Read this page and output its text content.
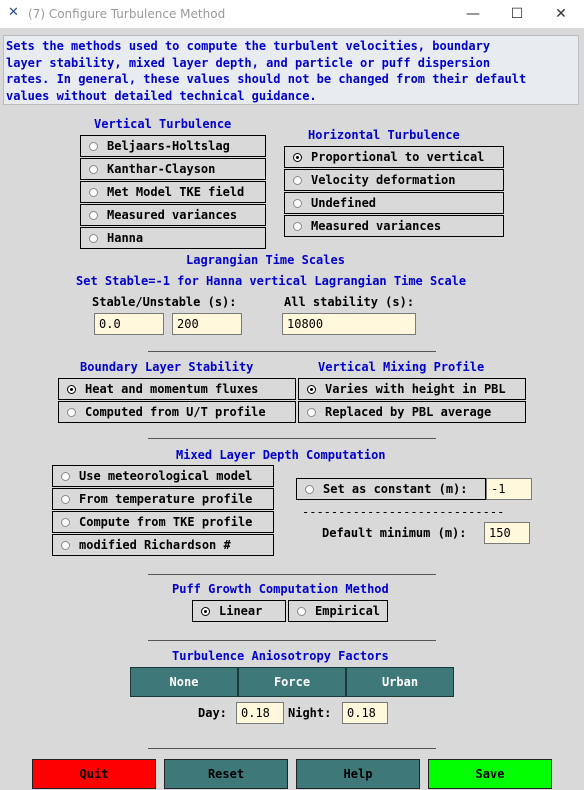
✕ (7) Configure Turbulence Method	—	☐	✕
Sets the methods used to compute the turbulent velocities, boundary
layer stability, mixed layer depth, and particle or puff dispersion
rates. In general, these values should not be changed from their default
values without detailed technical guidance.
Vertical Turbulence
Beljaars-Holtslag
Kanthar-Clayson
Met Model TKE field
Measured variances
Hanna
Horizontal Turbulence
Proportional to vertical
Velocity deformation
Undefined
Measured variances
Lagrangian Time Scales
Set Stable=-1 for Hanna vertical Lagrangian Time Scale
Stable/Unstable (s):	All stability (s):
0.0	200	10800
Boundary Layer Stability
Heat and momentum fluxes
Computed from U/T profile
Vertical Mixing Profile
Varies with height in PBL
Replaced by PBL average
Mixed Layer Depth Computation
Use meteorological model
From temperature profile
Compute from TKE profile
modified Richardson #
Set as constant (m):	-1
----------------------------
Default minimum (m):	150
Puff Growth Computation Method
Linear	Empirical
Turbulence Aniosotropy Factors
None	Force	Urban
Day:	0.18	Night:	0.18
Quit	Reset	Help	Save
